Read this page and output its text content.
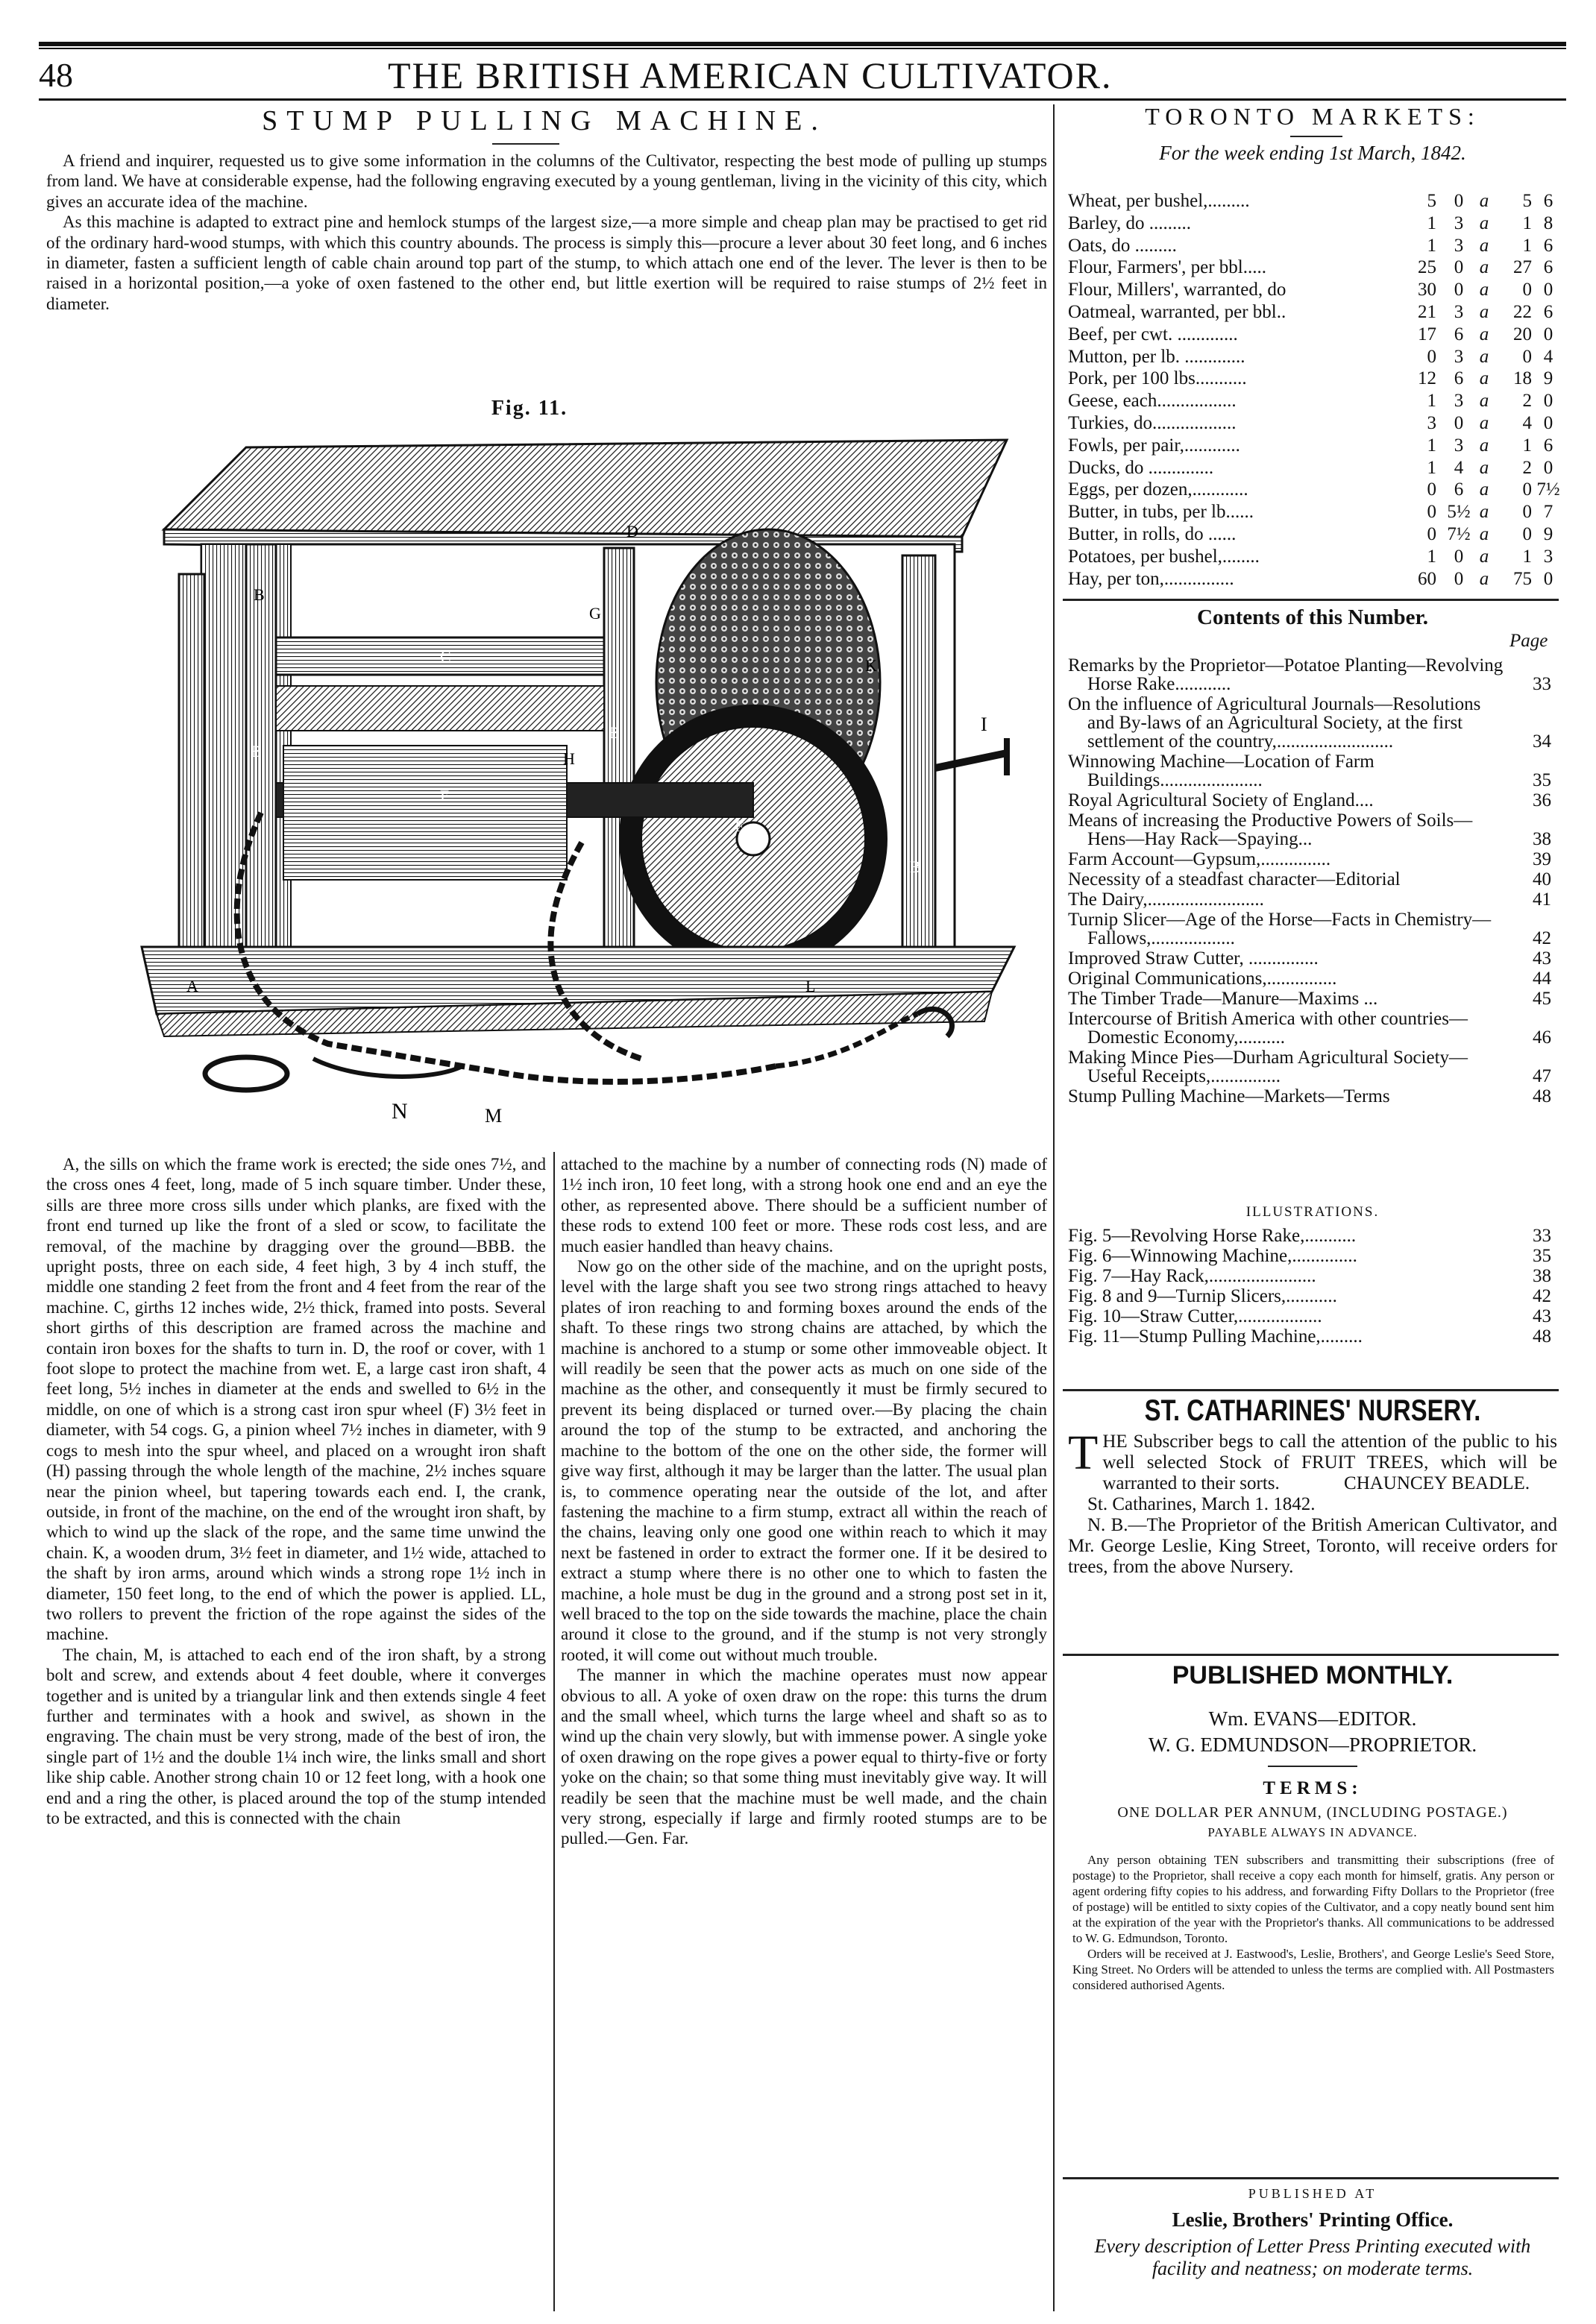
48	THE BRITISH AMERICAN CULTIVATOR.
STUMP PULLING MACHINE.

A friend and inquirer, requested us to give some information in the columns of the Cultivator, respecting the best mode of pulling up stumps from land. We have at considerable expense, had the following engraving executed by a young gentleman, living in the vicinity of this city, which gives an accurate idea of the machine.

As this machine is adapted to extract pine and hemlock stumps of the largest size,—a more simple and cheap plan may be practised to get rid of the ordinary hard-wood stumps, with which this country abounds. The process is simply this—procure a lever about 30 feet long, and 6 inches in diameter, fasten a sufficient length of cable chain around top part of the stump, to which attach one end of the lever. The lever is then to be raised in a horizontal position,—a yoke of oxen fastened to the other end, but little exertion will be required to raise stumps of 2½ feet in diameter.

Fig. 11.
D
B
C
G
E
F
B	H
B
B
A
I
K
N	M
L

A, the sills on which the frame work is erected; the side ones 7½, and the cross ones 4 feet, long, made of 5 inch square timber. Under these, sills are three more cross sills under which planks, are fixed with the front end turned up like the front of a sled or scow, to facilitate the removal, of the machine by dragging over the ground—BBB. the upright posts, three on each side, 4 feet high, 3 by 4 inch stuff, the middle one standing 2 feet from the front and 4 feet from the rear of the machine. C, girths 12 inches wide, 2½ thick, framed into posts. Several short girths of this description are framed across the machine and contain iron boxes for the shafts to turn in. D, the roof or cover, with 1 foot slope to protect the machine from wet. E, a large cast iron shaft, 4 feet long, 5½ inches in diameter at the ends and swelled to 6½ in the middle, on one of which is a strong cast iron spur wheel (F) 3½ feet in diameter, with 54 cogs. G, a pinion wheel 7½ inches in diameter, with 9 cogs to mesh into the spur wheel, and placed on a wrought iron shaft (H) passing through the whole length of the machine, 2½ inches square near the pinion wheel, but tapering towards each end. I, the crank, outside, in front of the machine, on the end of the wrought iron shaft, by which to wind up the slack of the rope, and the same time unwind the chain. K, a wooden drum, 3½ feet in diameter, and 1½ wide, attached to the shaft by iron arms, around which winds a strong rope 1½ inch in diameter, 150 feet long, to the end of which the power is applied. LL, two rollers to prevent the friction of the rope against the sides of the machine.

The chain, M, is attached to each end of the iron shaft, by a strong bolt and screw, and extends about 4 feet double, where it converges together and is united by a triangular link and then extends single 4 feet further and terminates with a hook and swivel, as shown in the engraving. The chain must be very strong, made of the best of iron, the single part of 1½ and the double 1¼ inch wire, the links small and short like ship cable. Another strong chain 10 or 12 feet long, with a hook one end and a ring the other, is placed around the top of the stump intended to be extracted, and this is connected with the chain

attached to the machine by a number of connecting rods (N) made of 1½ inch iron, 10 feet long, with a strong hook one end and an eye the other, as represented above. There should be a sufficient number of these rods to extend 100 feet or more. These rods cost less, and are much easier handled than heavy chains.

Now go on the other side of the machine, and on the upright posts, level with the large shaft you see two strong rings attached to heavy plates of iron reaching to and forming boxes around the ends of the shaft. To these rings two strong chains are attached, by which the machine is anchored to a stump or some other immoveable object. It will readily be seen that the power acts as much on one side of the machine as the other, and consequently it must be firmly secured to prevent its being displaced or turned over.—By placing the chain around the top of the stump to be extracted, and anchoring the machine to the bottom of the one on the other side, the former will give way first, although it may be larger than the latter. The usual plan is, to commence operating near the outside of the lot, and after fastening the machine to a firm stump, extract all within the reach of the chains, leaving only one good one within reach to which it may next be fastened in order to extract the former one. If it be desired to extract a stump where there is no other one to which to fasten the machine, a hole must be dug in the ground and a strong post set in it, well braced to the top on the side towards the machine, place the chain around it close to the ground, and if the stump is not very strongly rooted, it will come out without much trouble.

The manner in which the machine operates must now appear obvious to all. A yoke of oxen draw on the rope: this turns the drum and the small wheel, which turns the large wheel and shaft so as to wind up the chain very slowly, but with immense power. A single yoke of oxen drawing on the rope gives a power equal to thirty-five or forty yoke on the chain; so that some thing must inevitably give way. It will readily be seen that the machine must be well made, and the chain very strong, especially if large and firmly rooted stumps are to be pulled.—Gen. Far.

TORONTO MARKETS:
For the week ending 1st March, 1842.
Wheat, per bushel,.........	5 0 a	5 6
Barley, do .........	1 3 a	1 8
Oats, do .........	1 3 a	1 6
Flour, Farmers', per bbl.....	25 0 a	27 6
Flour, Millers', warranted, do	30 0 a	0 0
Oatmeal, warranted, per bbl..	21 3 a	22 6
Beef, per cwt. .............	17 6 a	20 0
Mutton, per lb. .............	0 3 a	0 4
Pork, per 100 lbs...........	12 6 a	18 9
Geese, each.................	1 3 a	2 0
Turkies, do..................	3 0 a	4 0
Fowls, per pair,............	1 3 a	1 6
Ducks, do ..............	1 4 a	2 0
Eggs, per dozen,............	0 6 a	0 7½
Butter, in tubs, per lb......	0 5½ a	0 7
Butter, in rolls, do ......	0 7½ a	0 9
Potatoes, per bushel,........	1 0 a	1 3
Hay, per ton,...............	60 0 a	75 0
Contents of this Number.
Page
Remarks by the Proprietor—Potatoe Planting—Revolving Horse Rake............	33
On the influence of Agricultural Journals—Resolutions and By-laws of an Agricultural Society, at the first settlement of the country,.........................	34
Winnowing Machine—Location of Farm Buildings......................	35
Royal Agricultural Society of England....	36
Means of increasing the Productive Powers of Soils—Hens—Hay Rack—Spaying...	38
Farm Account—Gypsum,...............	39
Necessity of a steadfast character—Editorial	40
The Dairy,.........................	41
Turnip Slicer—Age of the Horse—Facts in Chemistry—Fallows,..................	42
Improved Straw Cutter, ...............	43
Original Communications,...............	44
The Timber Trade—Manure—Maxims ...	45
Intercourse of British America with other countries—Domestic Economy,..........	46
Making Mince Pies—Durham Agricultural Society—Useful Receipts,...............	47
Stump Pulling Machine—Markets—Terms	48
ILLUSTRATIONS.
Fig. 5—Revolving Horse Rake,...........	33
Fig. 6—Winnowing Machine,..............	35
Fig. 7—Hay Rack,.......................	38
Fig. 8 and 9—Turnip Slicers,...........	42
Fig. 10—Straw Cutter,..................	43
Fig. 11—Stump Pulling Machine,.........	48
ST. CATHARINES' NURSERY.

THE Subscriber begs to call the attention of the public to his well selected Stock of FRUIT TREES, which will be warranted to their sorts.	CHAUNCEY BEADLE.

St. Catharines, March 1. 1842.

N. B.—The Proprietor of the British American Cultivator, and Mr. George Leslie, King Street, Toronto, will receive orders for trees, from the above Nursery.

PUBLISHED MONTHLY.
Wm. EVANS—EDITOR.
W. G. EDMUNDSON—PROPRIETOR.
TERMS:
ONE DOLLAR PER ANNUM, (INCLUDING POSTAGE.)
PAYABLE ALWAYS IN ADVANCE.

Any person obtaining TEN subscribers and transmitting their subscriptions (free of postage) to the Proprietor, shall receive a copy each month for himself, gratis. Any person or agent ordering fifty copies to his address, and forwarding Fifty Dollars to the Proprietor (free of postage) will be entitled to sixty copies of the Cultivator, and a copy neatly bound sent him at the expiration of the year with the Proprietor's thanks. All communications to be addressed to W. G. Edmundson, Toronto.

Orders will be received at J. Eastwood's, Leslie, Brothers', and George Leslie's Seed Store, King Street. No Orders will be attended to unless the terms are complied with. All Postmasters considered authorised Agents.

PUBLISHED AT
Leslie, Brothers' Printing Office.
Every description of Letter Press Printing executed with facility and neatness; on moderate terms.
